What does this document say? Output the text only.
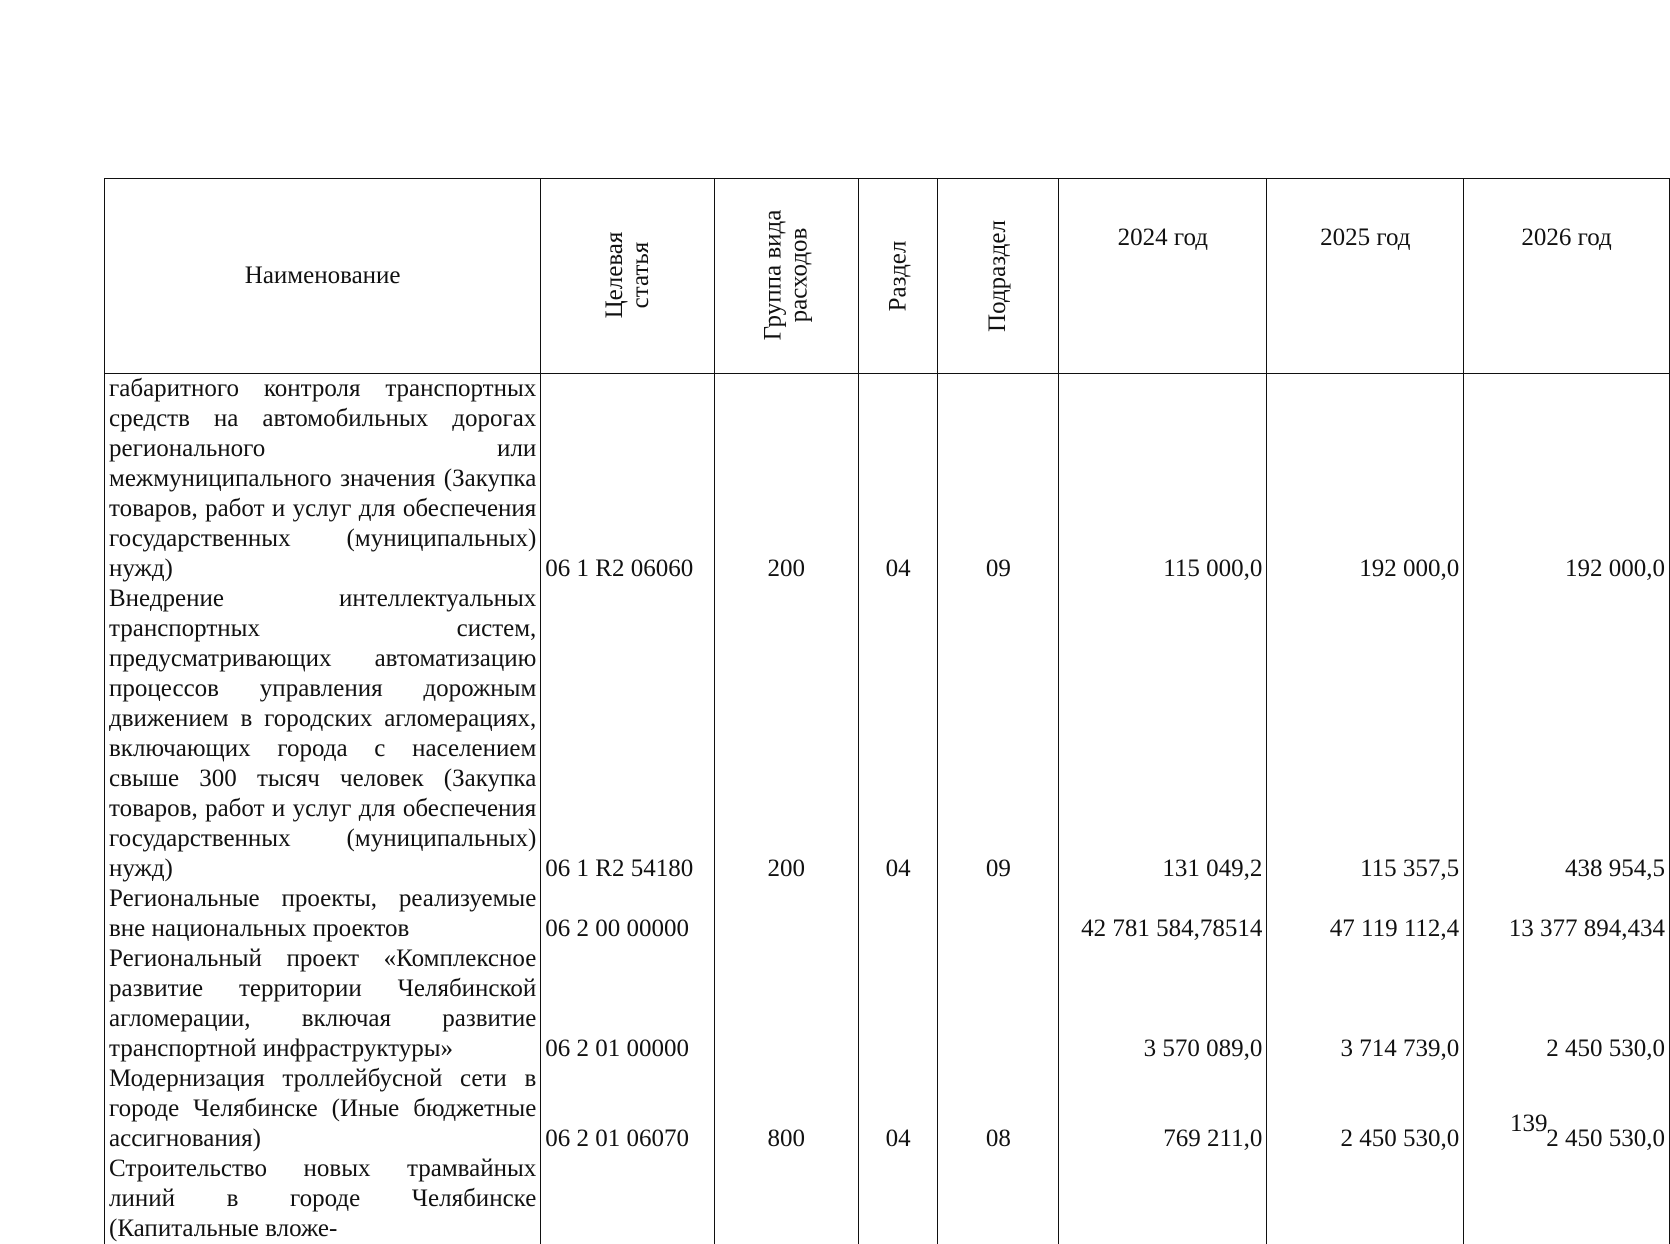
Наименование	Целевая статья	Группа вида расходов	Раздел	Подраздел	2024 год	2025 год	2026 год
габаритного контроля транспортных средств на автомобильных дорогах регионального или межмуниципального значения (Закупка товаров, работ и услуг для обеспечения государственных (муниципальных) нужд)	06 1 R2 06060	200	04	09	115 000,0	192 000,0	192 000,0
Внедрение интеллектуальных транспортных систем, предусматривающих автоматизацию процессов управления дорожным движением в городских агломерациях, включающих города с населением свыше 300 тысяч человек (Закупка товаров, работ и услуг для обеспечения государственных (муниципальных) нужд)	06 1 R2 54180	200	04	09	131 049,2	115 357,5	438 954,5
Региональные проекты, реализуемые вне национальных проектов	06 2 00 00000				42 781 584,78514	47 119 112,4	13 377 894,434
Региональный проект «Комплексное развитие территории Челябинской агломерации, включая развитие транспортной инфраструктуры»	06 2 01 00000				3 570 089,0	3 714 739,0	2 450 530,0
Модернизация троллейбусной сети в городе Челябинске (Иные бюджетные ассигнования)	06 2 01 06070	800	04	08	769 211,0	2 450 530,0	2 450 530,0
Строительство новых трамвайных линий в городе Челябинске (Капитальные вложе-							
139
